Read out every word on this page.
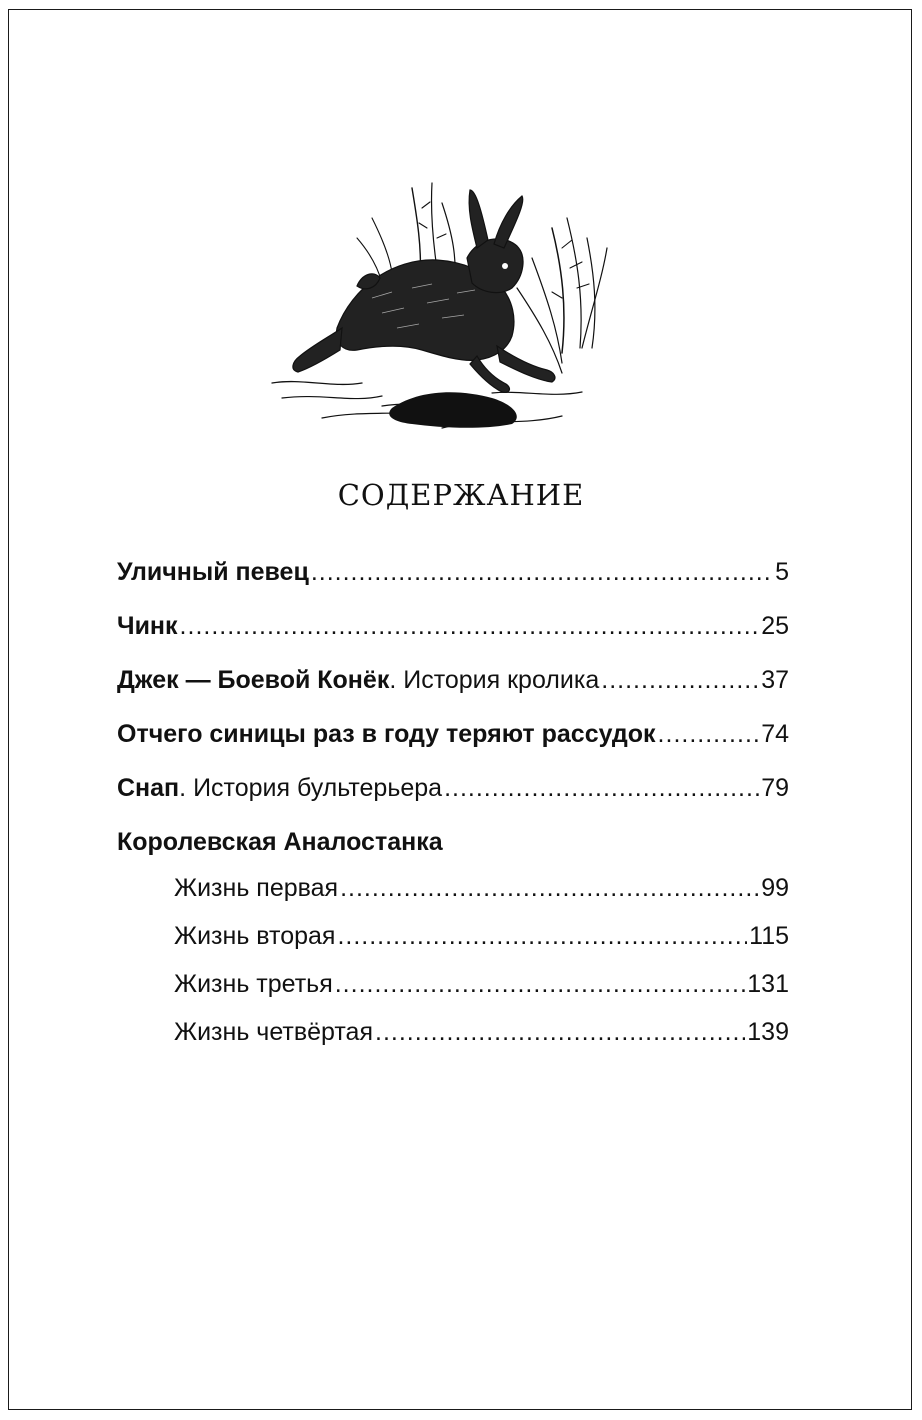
СОДЕРЖАНИЕ
Уличный певец .....	5
Чинк .....	25
Джек — Боевой Конёк . История кролика .....	37
Отчего синицы раз в году теряют рассудок .....	74
Снап . История бультерьера .....	79
Королевская Аналостанка
Жизнь первая .....	99
Жизнь вторая .....	115
Жизнь третья .....	131
Жизнь четвёртая .....	139
